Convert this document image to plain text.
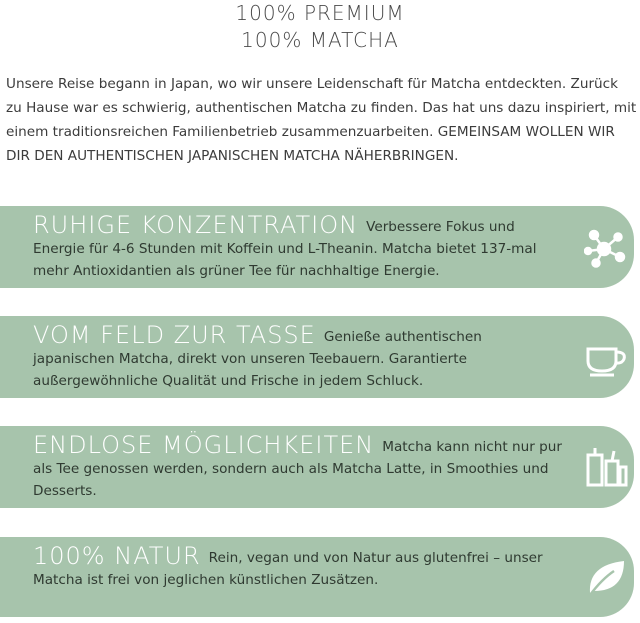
100% PREMIUM
100% MATCHA
Unsere Reise begann in Japan, wo wir unsere Leidenschaft für Matcha entdeckten. Zurück zu Hause war es schwierig, authentischen Matcha zu finden. Das hat uns dazu inspiriert, mit einem traditionsreichen Familienbetrieb zusammenzuarbeiten. GEMEINSAM WOLLEN WIR DIR DEN AUTHENTISCHEN JAPANISCHEN MATCHA NÄHERBRINGEN.

RUHIGE KONZENTRATION Verbessere Fokus und Energie für 4-6 Stunden mit Koffein und L-Theanin. Matcha bietet 137-mal mehr Antioxidantien als grüner Tee für nachhaltige Energie.

VOM FELD ZUR TASSE Genieße authentischen japanischen Matcha, direkt von unseren Teebauern. Garantierte außergewöhnliche Qualität und Frische in jedem Schluck.

ENDLOSE MÖGLICHKEITEN Matcha kann nicht nur pur als Tee genossen werden, sondern auch als Matcha Latte, in Smoothies und Desserts.

100% NATUR Rein, vegan und von Natur aus glutenfrei – unser Matcha ist frei von jeglichen künstlichen Zusätzen.
